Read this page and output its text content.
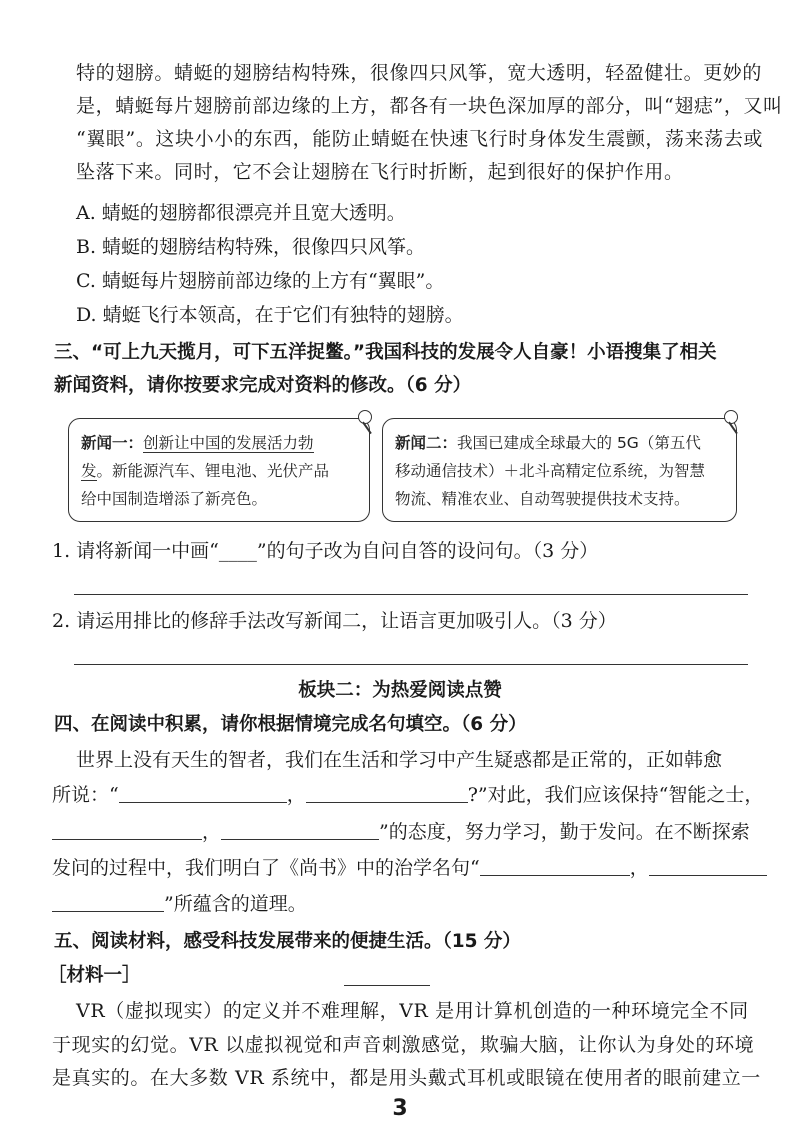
特的翅膀。蜻蜓的翅膀结构特殊，很像四只风筝，宽大透明，轻盈健壮。更妙的
是，蜻蜓每片翅膀前部边缘的上方，都各有一块色深加厚的部分，叫“翅痣”，又叫
“翼眼”。这块小小的东西，能防止蜻蜓在快速飞行时身体发生震颤，荡来荡去或
坠落下来。同时，它不会让翅膀在飞行时折断，起到很好的保护作用。
A. 蜻蜓的翅膀都很漂亮并且宽大透明。
B. 蜻蜓的翅膀结构特殊，很像四只风筝。
C. 蜻蜓每片翅膀前部边缘的上方有“翼眼”。
D. 蜻蜓飞行本领高，在于它们有独特的翅膀。
三、“可上九天揽月，可下五洋捉鳖。”我国科技的发展令人自豪！小语搜集了相关
新闻资料，请你按要求完成对资料的修改。（6 分）
新闻一：创新让中国的发展活力勃
发。新能源汽车、锂电池、光伏产品
给中国制造增添了新亮色。
新闻二：我国已建成全球最大的 5G（第五代
移动通信技术）＋北斗高精定位系统，为智慧
物流、精准农业、自动驾驶提供技术支持。
1. 请将新闻一中画“____”的句子改为自问自答的设问句。（3 分）
2. 请运用排比的修辞手法改写新闻二，让语言更加吸引人。（3 分）
板块二：为热爱阅读点赞
四、在阅读中积累，请你根据情境完成名句填空。（6 分）
世界上没有天生的智者，我们在生活和学习中产生疑惑都是正常的，正如韩愈
所说：“	，	?”对此，我们应该保持“智能之士，
，	”的态度，努力学习，勤于发问。在不断探索
发问的过程中，我们明白了《尚书》中的治学名句“	，
”所蕴含的道理。
五、阅读材料，感受科技发展带来的便捷生活。（15 分）
［材料一］
VR（虚拟现实）的定义并不难理解，VR 是用计算机创造的一种环境完全不同
于现实的幻觉。VR 以虚拟视觉和声音刺激感觉，欺骗大脑，让你认为身处的环境
是真实的。在大多数 VR 系统中，都是用头戴式耳机或眼镜在使用者的眼前建立一
3
